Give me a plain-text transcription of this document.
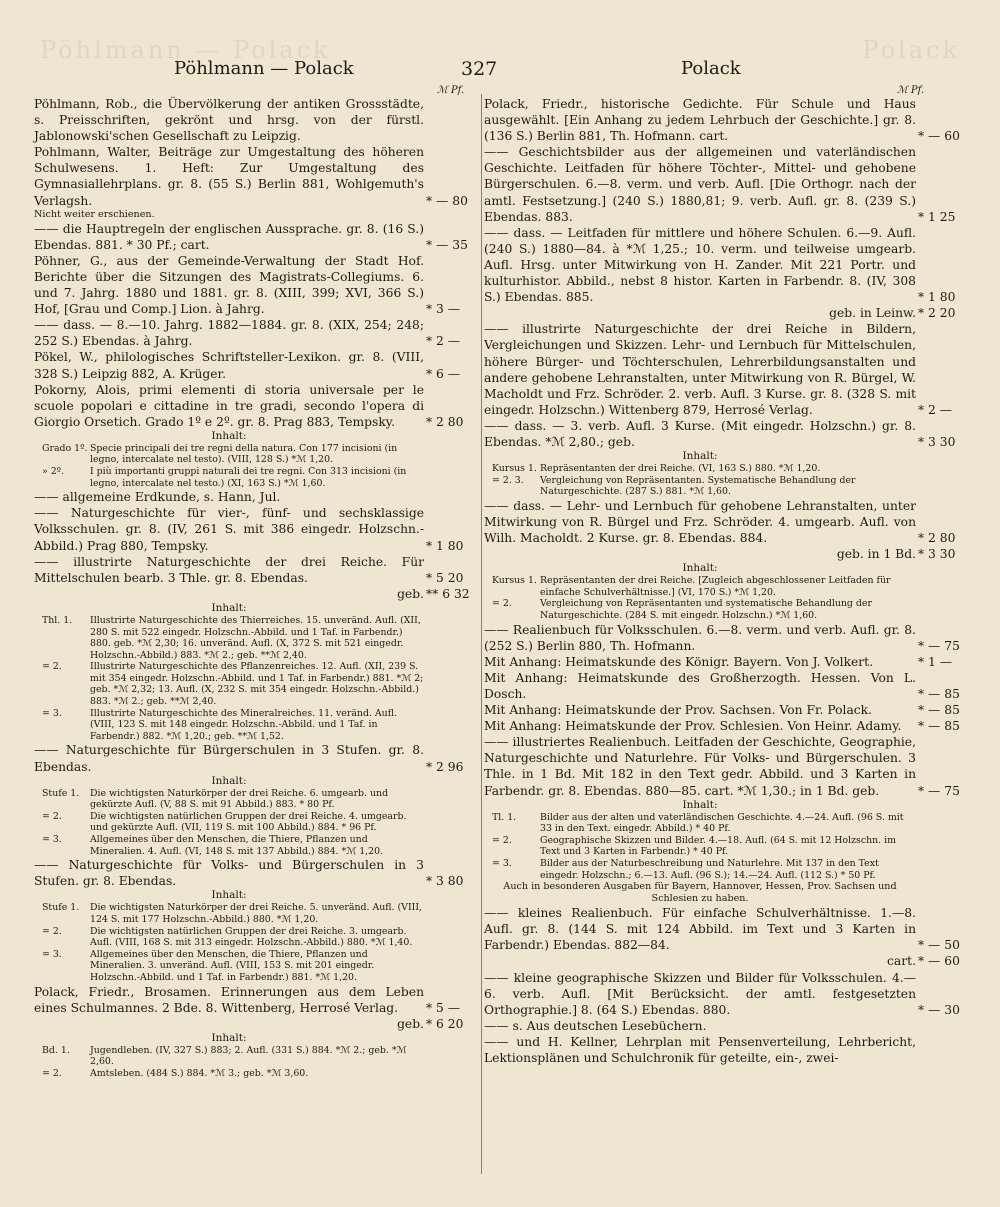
Pöhlmann — Polack	Polack
Pöhlmann — Polack	327	Polack
ℳ Pf.	ℳ Pf.
Pöhlmann, Rob., die Übervölkerung der antiken Grossstädte, s. Preisschriften, gekrönt und hrsg. von der fürstl. Jablonowski'schen Gesellschaft zu Leipzig.
Pohlmann, Walter, Beiträge zur Umgestaltung des höheren Schulwesens. 1. Heft: Zur Umgestaltung des Gymnasiallehrplans. gr. 8. (55 S.) Berlin 881, Wohlgemuth's Verlagsh.	* — 80
Nicht weiter erschienen.
—— die Hauptregeln der englischen Aussprache. gr. 8. (16 S.) Ebendas. 881. * 30 Pf.; cart.	* — 35
Pöhner, G., aus der Gemeinde-Verwaltung der Stadt Hof. Berichte über die Sitzungen des Magistrats-Collegiums. 6. und 7. Jahrg. 1880 und 1881. gr. 8. (XIII, 399; XVI, 366 S.) Hof, [Grau und Comp.] Lion. à Jahrg.	* 3 —
—— dass. — 8.—10. Jahrg. 1882—1884. gr. 8. (XIX, 254; 248; 252 S.) Ebendas. à Jahrg.	* 2 —
Pökel, W., philologisches Schriftsteller-Lexikon. gr. 8. (VIII, 328 S.) Leipzig 882, A. Krüger.	* 6 —
Pokorny, Alois, primi elementi di storia universale per le scuole popolari e cittadine in tre gradi, secondo l'opera di Giorgio Orsetich. Grado 1º e 2º. gr. 8. Prag 883, Tempsky.	* 2 80
Inhalt:
Grado 1º. Specie principali dei tre regni della natura. Con 177 incisioni (in legno, intercalate nel testo). (VIII, 128 S.) *ℳ 1,20.
» 2º.	I più importanti gruppi naturali dei tre regni. Con 313 incisioni (in legno, intercalate nel testo.) (XI, 163 S.) *ℳ 1,60.
—— allgemeine Erdkunde, s. Hann, Jul.
—— Naturgeschichte für vier-, fünf- und sechsklassige Volksschulen. gr. 8. (IV, 261 S. mit 386 eingedr. Holzschn.-Abbild.) Prag 880, Tempsky.	* 1 80
—— illustrirte Naturgeschichte der drei Reiche. Für Mittelschulen bearb. 3 Thle. gr. 8. Ebendas.	* 5 20
geb. ** 6 32
Inhalt:
Thl. 1.	Illustrirte Naturgeschichte des Thierreiches. 15. unveränd. Aufl. (XII, 280 S. mit 522 eingedr. Holzschn.-Abbild. und 1 Taf. in Farbendr.) 880. geb. *ℳ 2,30; 16. unveränd. Aufl. (X, 372 S. mit 521 eingedr. Holzschn.-Abbild.) 883. *ℳ 2.; geb. **ℳ 2,40.
= 2.	Illustrirte Naturgeschichte des Pflanzenreiches. 12. Aufl. (XII, 239 S. mit 354 eingedr. Holzschn.-Abbild. und 1 Taf. in Farbendr.) 881. *ℳ 2; geb. *ℳ 2,32; 13. Aufl. (X, 232 S. mit 354 eingedr. Holzschn.-Abbild.) 883. *ℳ 2.; geb. **ℳ 2,40.
= 3.	Illustrirte Naturgeschichte des Mineralreiches. 11. veränd. Aufl. (VIII, 123 S. mit 148 eingedr. Holzschn.-Abbild. und 1 Taf. in Farbendr.) 882. *ℳ 1,20.; geb. **ℳ 1,52.
—— Naturgeschichte für Bürgerschulen in 3 Stufen. gr. 8. Ebendas.	* 2 96
Inhalt:
Stufe 1.	Die wichtigsten Naturkörper der drei Reiche. 6. umgearb. und gekürzte Aufl. (V, 88 S. mit 91 Abbild.) 883. * 80 Pf.
= 2.	Die wichtigsten natürlichen Gruppen der drei Reiche. 4. umgearb. und gekürzte Aufl. (VII, 119 S. mit 100 Abbild.) 884. * 96 Pf.
= 3.	Allgemeines über den Menschen, die Thiere, Pflanzen und Mineralien. 4. Aufl. (VI, 148 S. mit 137 Abbild.) 884. *ℳ 1,20.
—— Naturgeschichte für Volks- und Bürgerschulen in 3 Stufen. gr. 8. Ebendas.	* 3 80
Inhalt:
Stufe 1.	Die wichtigsten Naturkörper der drei Reiche. 5. unveränd. Aufl. (VIII, 124 S. mit 177 Holzschn.-Abbild.) 880. *ℳ 1,20.
= 2.	Die wichtigsten natürlichen Gruppen der drei Reiche. 3. umgearb. Aufl. (VIII, 168 S. mit 313 eingedr. Holzschn.-Abbild.) 880. *ℳ 1,40.
= 3.	Allgemeines über den Menschen, die Thiere, Pflanzen und Mineralien. 3. unveränd. Aufl. (VIII, 153 S. mit 201 eingedr. Holzschn.-Abbild. und 1 Taf. in Farbendr.) 881. *ℳ 1,20.
Polack, Friedr., Brosamen. Erinnerungen aus dem Leben eines Schulmannes. 2 Bde. 8. Wittenberg, Herrosé Verlag.	* 5 —
geb. * 6 20
Inhalt:
Bd. 1.	Jugendleben. (IV, 327 S.) 883; 2. Aufl. (331 S.) 884. *ℳ 2.; geb. *ℳ 2,60.
= 2.	Amtsleben. (484 S.) 884. *ℳ 3.; geb. *ℳ 3,60.
Polack, Friedr., historische Gedichte. Für Schule und Haus ausgewählt. [Ein Anhang zu jedem Lehrbuch der Geschichte.] gr. 8. (136 S.) Berlin 881, Th. Hofmann. cart.	* — 60
—— Geschichtsbilder aus der allgemeinen und vaterländischen Geschichte. Leitfaden für höhere Töchter-, Mittel- und gehobene Bürgerschulen. 6.—8. verm. und verb. Aufl. [Die Orthogr. nach der amtl. Festsetzung.] (240 S.) 1880,81; 9. verb. Aufl. gr. 8. (239 S.) Ebendas. 883.	* 1 25
—— dass. — Leitfaden für mittlere und höhere Schulen. 6.—9. Aufl. (240 S.) 1880—84. à *ℳ 1,25.; 10. verm. und teilweise umgearb. Aufl. Hrsg. unter Mitwirkung von H. Zander. Mit 221 Portr. und kulturhistor. Abbild., nebst 8 histor. Karten in Farbendr. 8. (IV, 308 S.) Ebendas. 885.	* 1 80
geb. in Leinw. * 2 20
—— illustrirte Naturgeschichte der drei Reiche in Bildern, Vergleichungen und Skizzen. Lehr- und Lernbuch für Mittelschulen, höhere Bürger- und Töchterschulen, Lehrerbildungsanstalten und andere gehobene Lehranstalten, unter Mitwirkung von R. Bürgel, W. Macholdt und Frz. Schröder. 2. verb. Aufl. 3 Kurse. gr. 8. (328 S. mit eingedr. Holzschn.) Wittenberg 879, Herrosé Verlag.	* 2 —
—— dass. — 3. verb. Aufl. 3 Kurse. (Mit eingedr. Holzschn.) gr. 8. Ebendas. *ℳ 2,80.; geb.	* 3 30
Inhalt:
Kursus 1. Repräsentanten der drei Reiche. (VI, 163 S.) 880. *ℳ 1,20.
= 2. 3.	Vergleichung von Repräsentanten. Systematische Behandlung der Naturgeschichte. (287 S.) 881. *ℳ 1,60.
—— dass. — Lehr- und Lernbuch für gehobene Lehranstalten, unter Mitwirkung von R. Bürgel und Frz. Schröder. 4. umgearb. Aufl. von Wilh. Macholdt. 2 Kurse. gr. 8. Ebendas. 884.	* 2 80
geb. in 1 Bd. * 3 30
Inhalt:
Kursus 1. Repräsentanten der drei Reiche. [Zugleich abgeschlossener Leitfaden für einfache Schulverhältnisse.] (VI, 170 S.) *ℳ 1,20.
= 2.	Vergleichung von Repräsentanten und systematische Behandlung der Naturgeschichte. (284 S. mit eingedr. Holzschn.) *ℳ 1,60.
—— Realienbuch für Volksschulen. 6.—8. verm. und verb. Aufl. gr. 8. (252 S.) Berlin 880, Th. Hofmann.	* — 75
Mit Anhang: Heimatskunde des Königr. Bayern. Von J. Volkert.	* 1 —
Mit Anhang: Heimatskunde des Großherzogth. Hessen. Von L. Dosch.	* — 85
Mit Anhang: Heimatskunde der Prov. Sachsen. Von Fr. Polack.	* — 85
Mit Anhang: Heimatskunde der Prov. Schlesien. Von Heinr. Adamy.	* — 85
—— illustriertes Realienbuch. Leitfaden der Geschichte, Geographie, Naturgeschichte und Naturlehre. Für Volks- und Bürgerschulen. 3 Thle. in 1 Bd. Mit 182 in den Text gedr. Abbild. und 3 Karten in Farbendr. gr. 8. Ebendas. 880—85. cart. *ℳ 1,30.; in 1 Bd. geb.	* — 75
Inhalt:
Tl. 1.	Bilder aus der alten und vaterländischen Geschichte. 4.—24. Aufl. (96 S. mit 33 in den Text. eingedr. Abbild.) * 40 Pf.
= 2.	Geographische Skizzen und Bilder. 4.—18. Aufl. (64 S. mit 12 Holzschn. im Text und 3 Karten in Farbendr.) * 40 Pf.
= 3.	Bilder aus der Naturbeschreibung und Naturlehre. Mit 137 in den Text eingedr. Holzschn.; 6.—13. Aufl. (96 S.); 14.—24. Aufl. (112 S.) * 50 Pf.
Auch in besonderen Ausgaben für Bayern, Hannover, Hessen, Prov. Sachsen und Schlesien zu haben.
—— kleines Realienbuch. Für einfache Schulverhältnisse. 1.—8. Aufl. gr. 8. (144 S. mit 124 Abbild. im Text und 3 Karten in Farbendr.) Ebendas. 882—84.	* — 50
cart. * — 60
—— kleine geographische Skizzen und Bilder für Volksschulen. 4.—6. verb. Aufl. [Mit Berücksicht. der amtl. festgesetzten Orthographie.] 8. (64 S.) Ebendas. 880.	* — 30
—— s. Aus deutschen Lesebüchern.
—— und H. Kellner, Lehrplan mit Pensenverteilung, Lehrbericht, Lektionsplänen und Schulchronik für geteilte, ein-, zwei-
